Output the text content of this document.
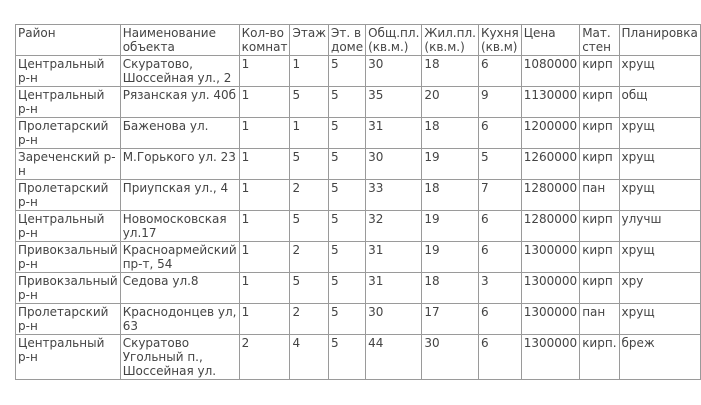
Район	Наименование объекта	Кол-во комнат	Этаж	Эт. в доме	Общ.пл. (кв.м.)	Жил.пл. (кв.м.)	Кухня (кв.м)	Цена	Мат. стен	Планировка
Центральный р-н	Скуратово, Шоссейная ул., 2	1	1	5	30	18	6	1080000	кирп	хрущ
Центральный р-н	Рязанская ул. 40б	1	5	5	35	20	9	1130000	кирп	общ
Пролетарский р-н	Баженова ул.	1	1	5	31	18	6	1200000	кирп	хрущ
Зареченский р-н	М.Горького ул. 23	1	5	5	30	19	5	1260000	кирп	хрущ
Пролетарский р-н	Приупская ул., 4	1	2	5	33	18	7	1280000	пан	хрущ
Центральный р-н	Новомосковская ул.17	1	5	5	32	19	6	1280000	кирп	улучш
Привокзальный р-н	Красноармейский пр-т, 54	1	2	5	31	19	6	1300000	кирп	хрущ
Привокзальный р-н	Седова ул.8	1	5	5	31	18	3	1300000	кирп	хру
Пролетарский р-н	Краснодонцев ул, 63	1	2	5	30	17	6	1300000	пан	хрущ
Центральный р-н	Скуратово Угольный п., Шоссейная ул.	2	4	5	44	30	6	1300000	кирп.	бреж
